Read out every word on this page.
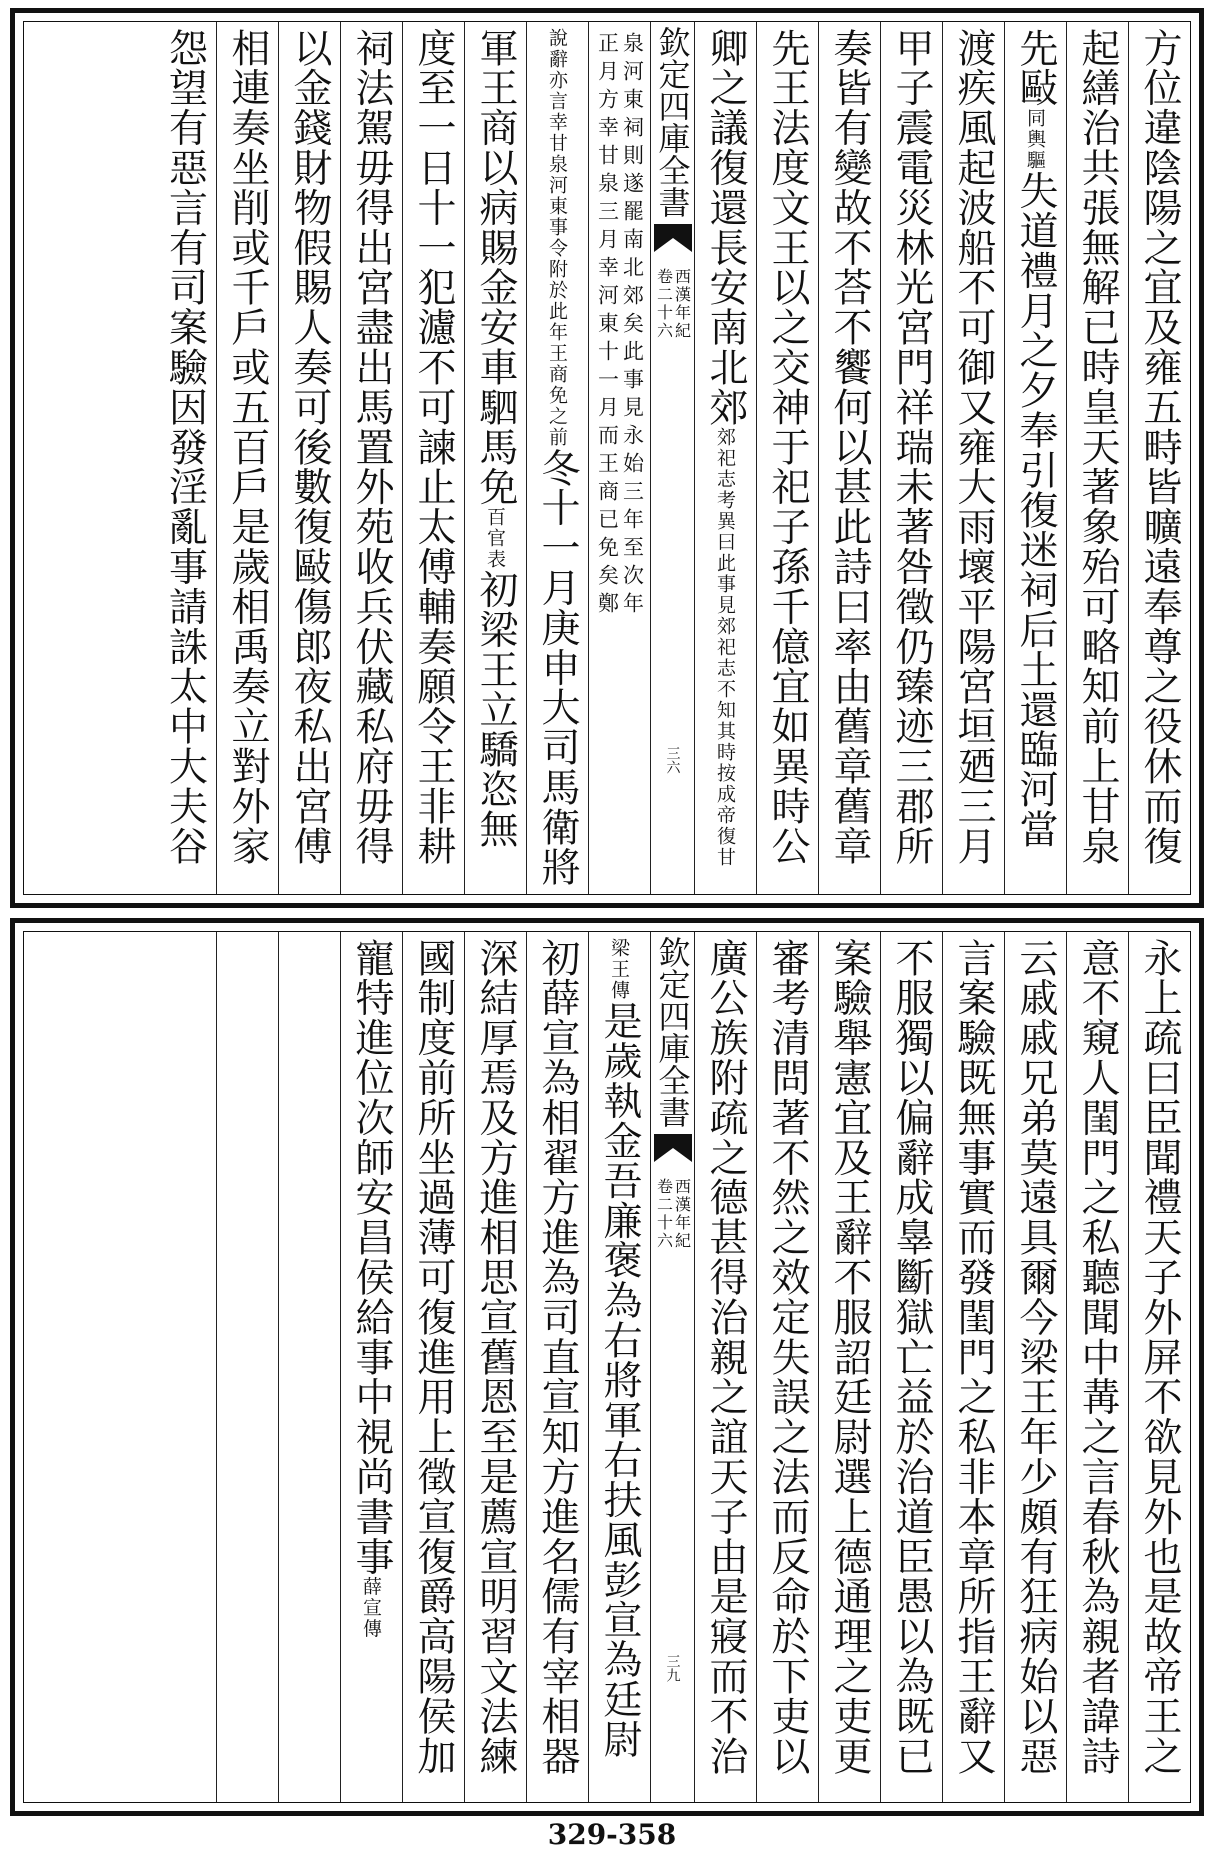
方位違陰陽之宜及雍五畤皆曠遠奉尊之役休而復
起繕治共張無解已時皇天著象殆可略知前上甘泉
先敺同輿驅失道禮月之夕奉引復迷祠后土還臨河當
渡疾風起波船不可御又雍大雨壞平陽宮垣廼三月
甲子震電災林光宮門祥瑞未著咎徵仍臻迹三郡所
奏皆有變故不荅不饗何以甚此詩曰率由舊章舊章
先王法度文王以之交神于祀子孫千億宜如異時公
卿之議復還長安南北郊郊祀志考異曰此事見郊祀志不知其時按成帝復甘
欽定四庫全書
西漢年紀
卷二十六
三六
泉河東祠則遂罷南北郊矣此事見永始三年至次年
正月方幸甘泉三月幸河東十一月而王商已免矣鄭
說辭亦言幸甘泉河東事令附於此年王商免之前冬十一月庚申大司馬衛將
軍王商以病賜金安車駟馬免百官表初梁王立驕恣無
度至一日十一犯濾不可諫止太傅輔奏願令王非耕
祠法駕毋得出宮盡出馬置外苑收兵伏藏私府毋得
以金錢財物假賜人奏可後數復敺傷郎夜私出宮傅
相連奏坐削或千戶或五百戶是歲相禹奏立對外家
怨望有惡言有司案驗因發淫亂事請誅太中大夫谷
永上疏曰臣聞禮天子外屏不欲見外也是故帝王之
意不窺人閨門之私聽聞中冓之言春秋為親者諱詩
云戚戚兄弟莫遠具爾今梁王年少頗有狂病始以惡
言案驗既無事實而發閨門之私非本章所指王辭又
不服獨以偏辭成辠斷獄亡益於治道臣愚以為既已
案驗舉憲宜及王辭不服詔廷尉選上德通理之吏更
審考清問著不然之效定失誤之法而反命於下吏以
廣公族附疏之德甚得治親之誼天子由是寢而不治
欽定四庫全書
西漢年紀
卷二十六
三九
梁王傳是歲執金吾廉褒為右將軍右扶風彭宣為廷尉
初薛宣為相翟方進為司直宣知方進名儒有宰相器
深結厚焉及方進相思宣舊恩至是薦宣明習文法練
國制度前所坐過薄可復進用上徵宣復爵高陽侯加
寵特進位次師安昌侯給事中視尚書事薛宣傳
329-358
